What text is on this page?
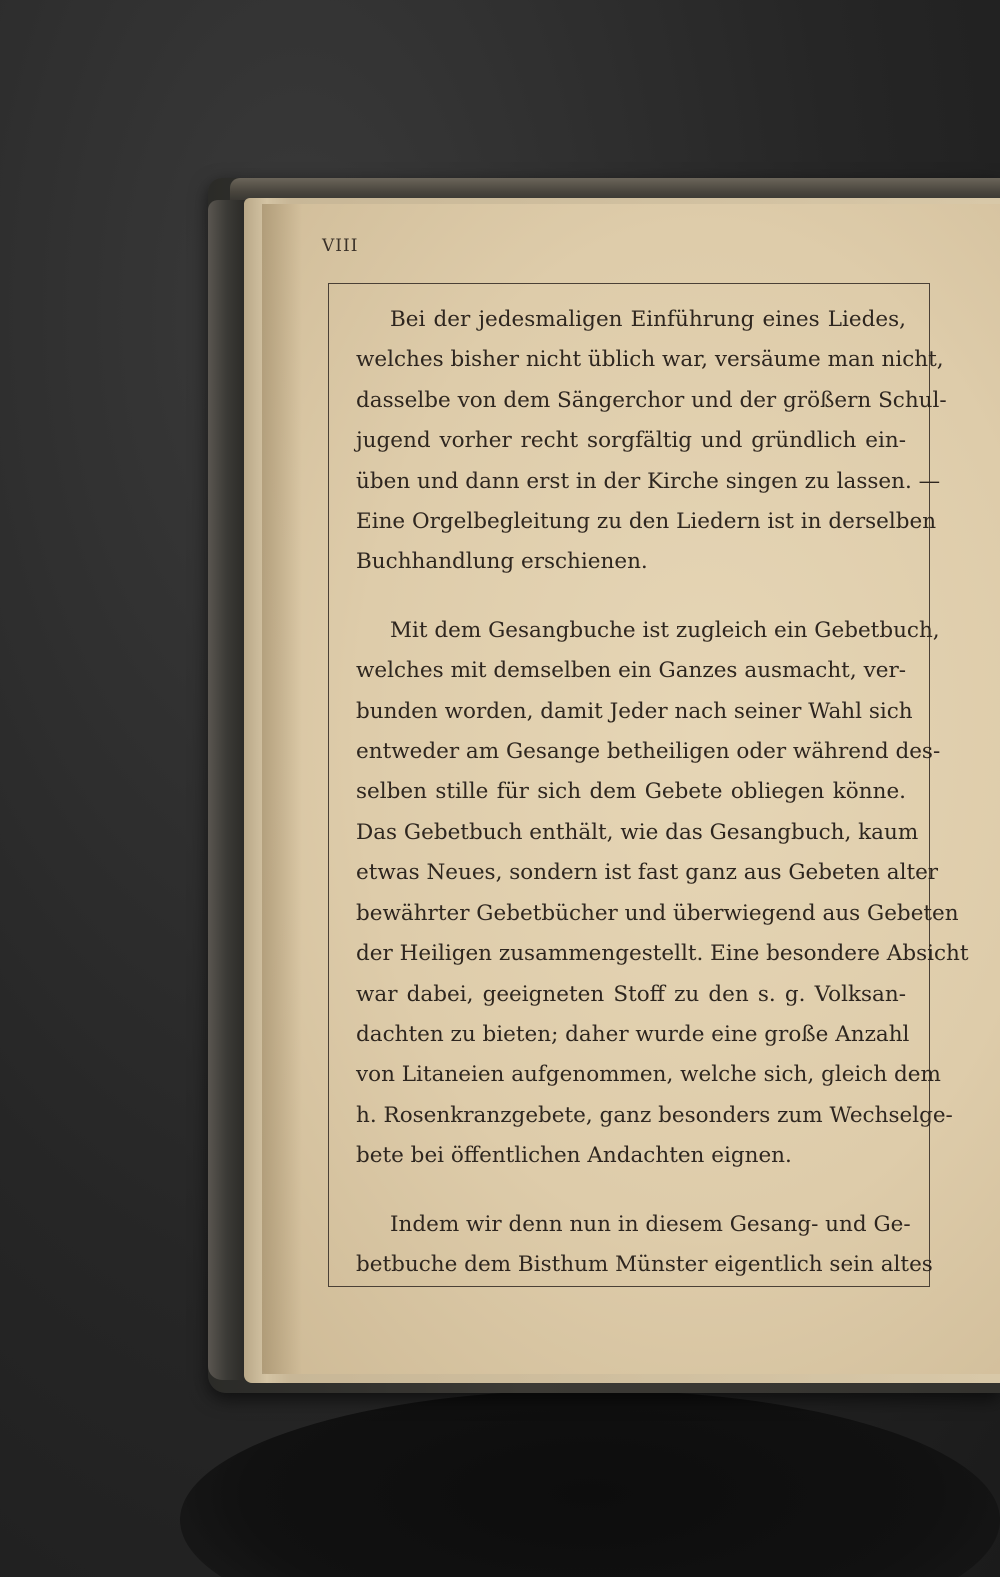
VIII

Bei der jedesmaligen Einführung eines Liedes,
welches bisher nicht üblich war, versäume man nicht,
dasselbe von dem Sängerchor und der größern Schul-
jugend vorher recht sorgfältig und gründlich ein-
üben und dann erst in der Kirche singen zu lassen. —
Eine Orgelbegleitung zu den Liedern ist in derselben
Buchhandlung erschienen.

Mit dem Gesangbuche ist zugleich ein Gebetbuch,
welches mit demselben ein Ganzes ausmacht, ver-
bunden worden, damit Jeder nach seiner Wahl sich
entweder am Gesange betheiligen oder während des-
selben stille für sich dem Gebete obliegen könne.
Das Gebetbuch enthält, wie das Gesangbuch, kaum
etwas Neues, sondern ist fast ganz aus Gebeten alter
bewährter Gebetbücher und überwiegend aus Gebeten
der Heiligen zusammengestellt. Eine besondere Absicht
war dabei, geeigneten Stoff zu den s. g. Volksan-
dachten zu bieten; daher wurde eine große Anzahl
von Litaneien aufgenommen, welche sich, gleich dem
h. Rosenkranzgebete, ganz besonders zum Wechselge-
bete bei öffentlichen Andachten eignen.

Indem wir denn nun in diesem Gesang- und Ge-
betbuche dem Bisthum Münster eigentlich sein altes
